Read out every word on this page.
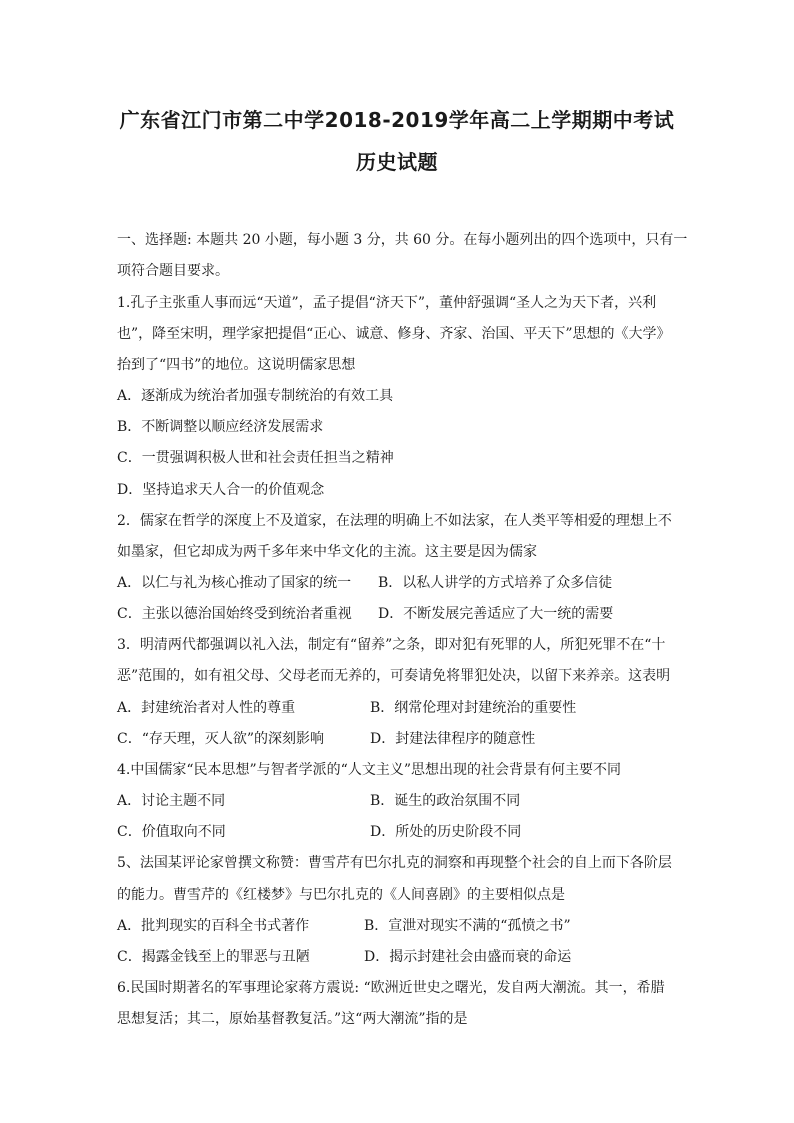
广东省江门市第二中学2018-2019学年高二上学期期中考试
历史试题
一、选择题: 本题共 20 小题，每小题 3 分，共 60 分。在每小题列出的四个选项中，只有一
项符合题目要求。
1.孔子主张重人事而远“天道”，孟子提倡“济天下”，董仲舒强调“圣人之为天下者，兴利
也”，降至宋明，理学家把提倡“正心、诚意、修身、齐家、治国、平天下”思想的《大学》
抬到了“四书”的地位。这说明儒家思想
A．逐渐成为统治者加强专制统治的有效工具
B．不断调整以顺应经济发展需求
C．一贯强调积极人世和社会责任担当之精神
D．坚持追求天人合一的价值观念
2．儒家在哲学的深度上不及道家，在法理的明确上不如法家，在人类平等相爱的理想上不
如墨家，但它却成为两千多年来中华文化的主流。这主要是因为儒家
A．以仁与礼为核心推动了国家的统一 B．以私人讲学的方式培养了众多信徒
C．主张以德治国始终受到统治者重视 D．不断发展完善适应了大一统的需要
3．明清两代都强调以礼入法，制定有“留养”之条，即对犯有死罪的人，所犯死罪不在“十
恶”范围的，如有祖父母、父母老而无养的，可奏请免将罪犯处决，以留下来养亲。这表明
A．封建统治者对人性的尊重	B．纲常伦理对封建统治的重要性
C．“存天理，灭人欲”的深刻影响	D．封建法律程序的随意性
4.中国儒家“民本思想”与智者学派的“人文主义”思想出现的社会背景有何主要不同
A．讨论主题不同	B．诞生的政治氛围不同
C．价值取向不同	D．所处的历史阶段不同
5、法国某评论家曾撰文称赞：曹雪芹有巴尔扎克的洞察和再现整个社会的自上而下各阶层
的能力。曹雪芹的《红楼梦》与巴尔扎克的《人间喜剧》的主要相似点是
A．批判现实的百科全书式著作	B．宣泄对现实不满的“孤愤之书”
C．揭露金钱至上的罪恶与丑陋	D．揭示封建社会由盛而衰的命运
6.民国时期著名的军事理论家蒋方震说: “欧洲近世史之曙光，发自两大潮流。其一，希腊
思想复活；其二，原始基督教复活。”这“两大潮流”指的是
